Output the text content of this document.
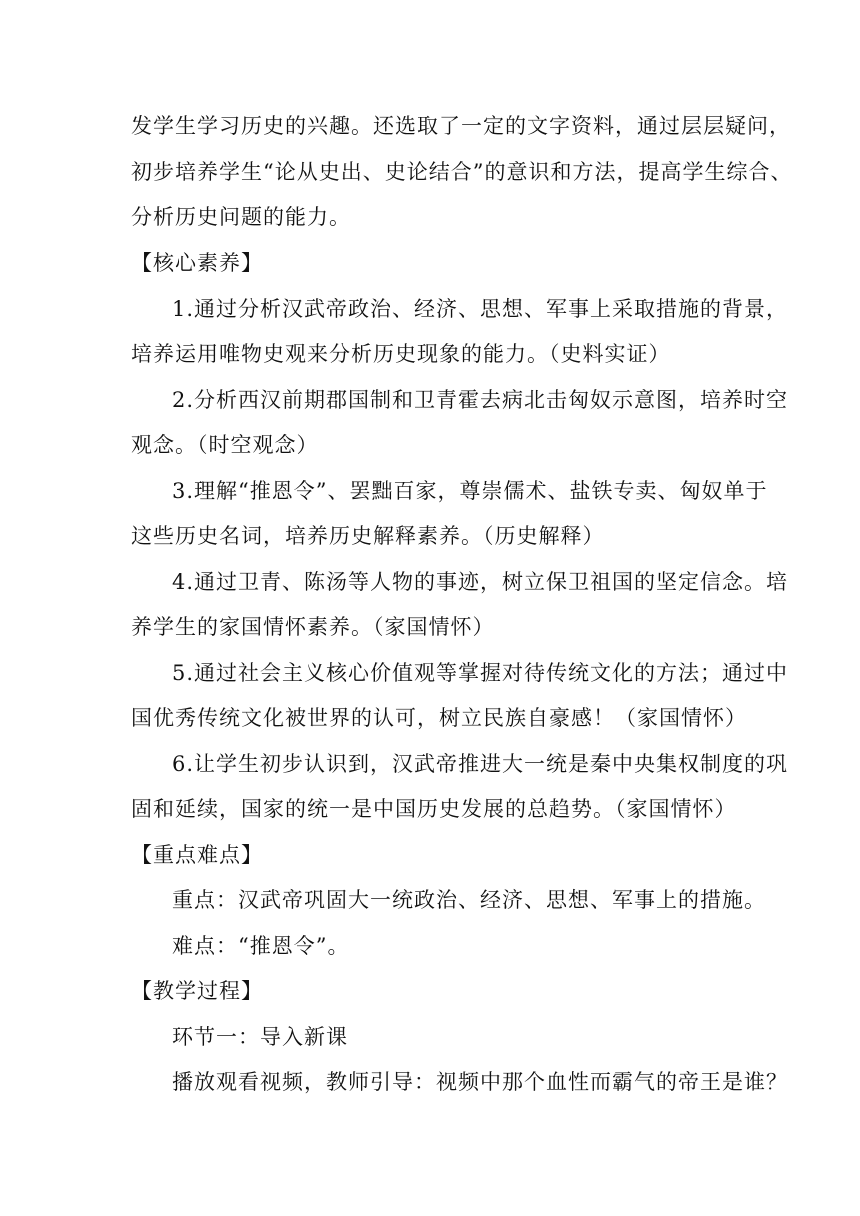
发学生学习历史的兴趣。还选取了一定的文字资料，通过层层疑问，
初步培养学生“论从史出、史论结合”的意识和方法，提高学生综合、
分析历史问题的能力。
【核心素养】
1.通过分析汉武帝政治、经济、思想、军事上采取措施的背景，
培养运用唯物史观来分析历史现象的能力。（史料实证）
2.分析西汉前期郡国制和卫青霍去病北击匈奴示意图，培养时空
观念。（时空观念）
3.理解“推恩令”、罢黜百家，尊崇儒术、盐铁专卖、匈奴单于
这些历史名词，培养历史解释素养。（历史解释）
4.通过卫青、陈汤等人物的事迹，树立保卫祖国的坚定信念。培
养学生的家国情怀素养。（家国情怀）
5.通过社会主义核心价值观等掌握对待传统文化的方法；通过中
国优秀传统文化被世界的认可，树立民族自豪感！（家国情怀）
6.让学生初步认识到，汉武帝推进大一统是秦中央集权制度的巩
固和延续，国家的统一是中国历史发展的总趋势。（家国情怀）
【重点难点】
重点：汉武帝巩固大一统政治、经济、思想、军事上的措施。
难点：“推恩令”。
【教学过程】
环节一：导入新课
播放观看视频，教师引导：视频中那个血性而霸气的帝王是谁？
